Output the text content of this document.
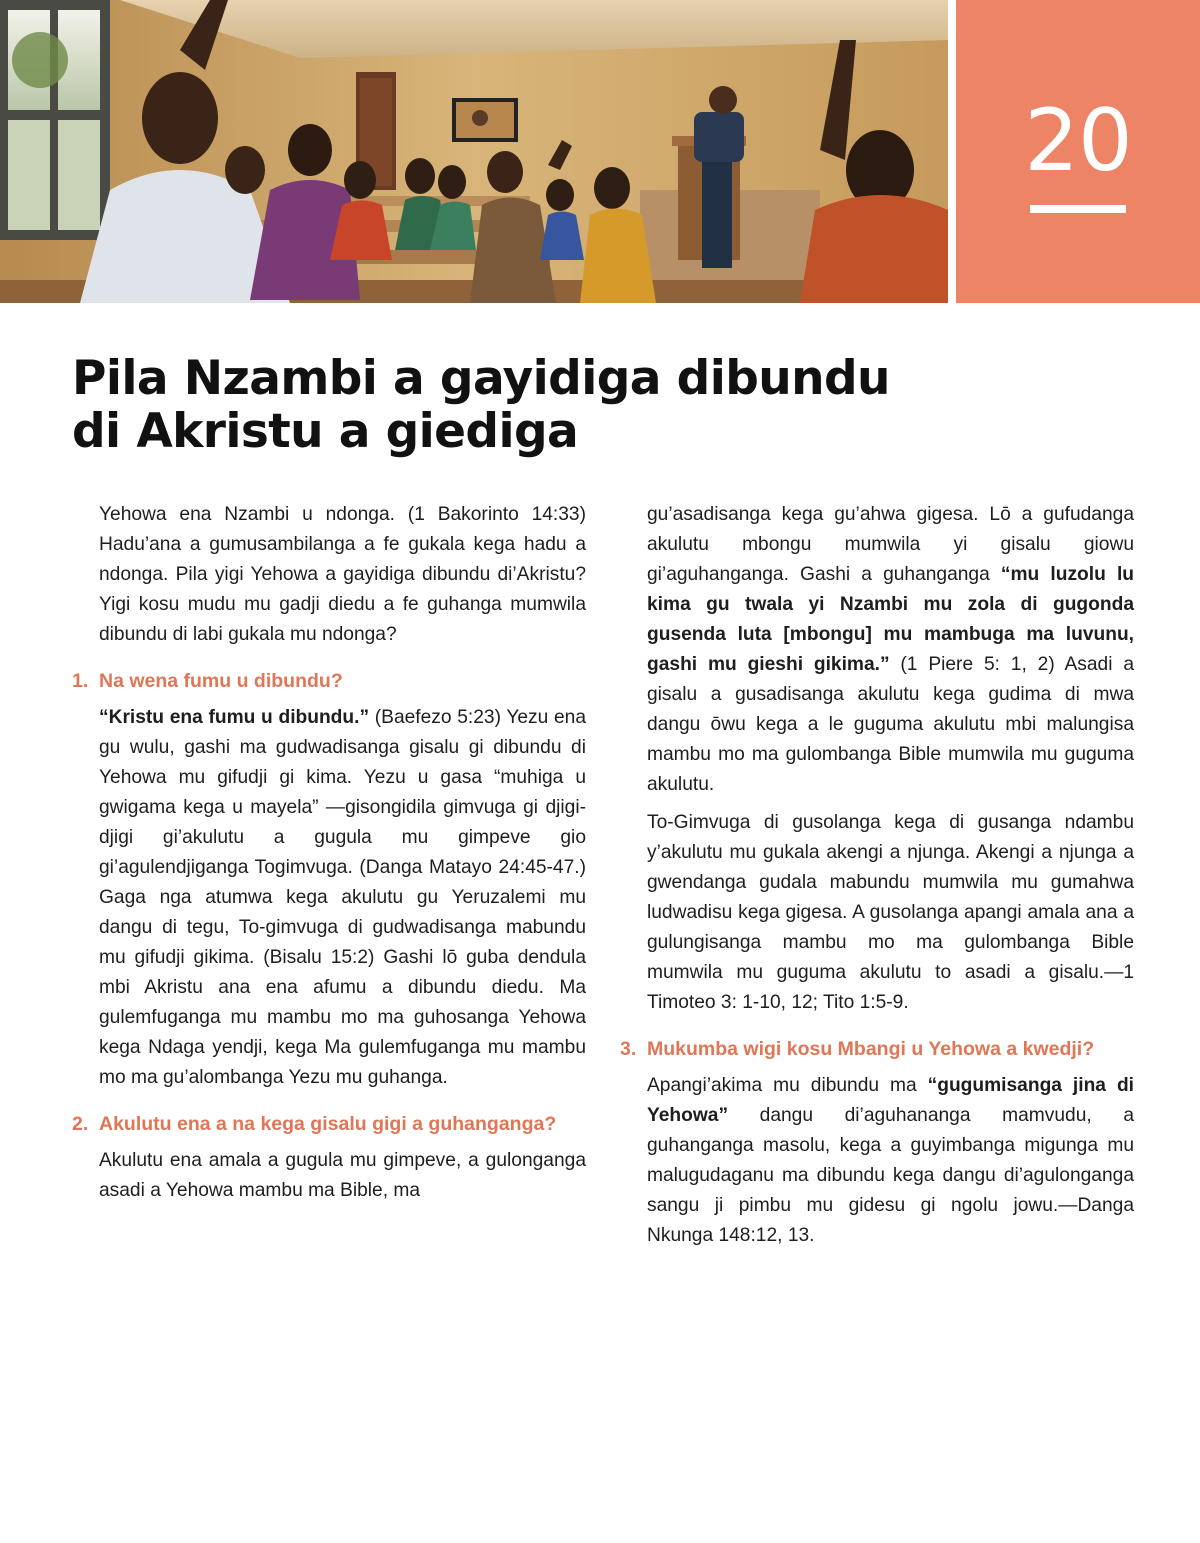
20
Pila Nzambi a gayidiga dibundu
di Akristu a giediga

Yehowa ena Nzambi u ndonga. (1 Bakorinto 14:33) Hadu’ana a gumusambilanga a fe gukala kega hadu a ndonga. Pila yigi Yehowa a gayidiga dibundu di’Akristu? Yigi kosu mudu mu gadji diedu a fe guhanga mumwila dibundu di labi gukala mu ndonga?

1. Na wena fumu u dibundu?

“Kristu ena fumu u dibundu.” (Baefezo 5:23) Yezu ena gu wulu, gashi ma gudwadisanga gisalu gi dibundu di Yehowa mu gifudji gi kima. Yezu u gasa “muhiga u gwigama kega u mayela” —gisongidila gimvuga gi djigi-djigi gi’akulutu a gugula mu gimpeve gio gi’agulendjiganga Togimvuga. (Danga Matayo 24:45-47.) Gaga nga atumwa kega akulutu gu Yeruzalemi mu dangu di tegu, To-gimvuga di gudwadisanga mabundu mu gifudji gikima. (Bisalu 15:2) Gashi lō guba dendula mbi Akristu ana ena afumu a dibundu diedu. Ma gulemfuganga mu mambu mo ma guhosanga Yehowa kega Ndaga yendji, kega Ma gulemfuganga mu mambu mo ma gu’alombanga Yezu mu guhanga.

2. Akulutu ena a na kega gisalu gigi a guhanganga?

Akulutu ena amala a gugula mu gimpeve, a gulonganga asadi a Yehowa mambu ma Bible, ma

gu’asadisanga kega gu’ahwa gigesa. Lō a gufudanga akulutu mbongu mumwila yi gisalu giowu gi’aguhanganga. Gashi a guhanganga “mu luzolu lu kima gu twala yi Nzambi mu zola di gugonda gusenda luta [mbongu] mu mambuga ma luvunu, gashi mu gieshi gikima.” (1 Piere 5: 1, 2) Asadi a gisalu a gusadisanga akulutu kega gudima di mwa dangu ōwu kega a le guguma akulutu mbi malungisa mambu mo ma gulombanga Bible mumwila mu guguma akulutu.

To-Gimvuga di gusolanga kega di gusanga ndambu y’akulutu mu gukala akengi a njunga. Akengi a njunga a gwendanga gudala mabundu mumwila mu gumahwa ludwadisu kega gigesa. A gusolanga apangi amala ana a gulungisanga mambu mo ma gulombanga Bible mumwila mu guguma akulutu to asadi a gisalu.—1 Timoteo 3: 1-10, 12; Tito 1:5-9.

3. Mukumba wigi kosu Mbangi u Yehowa a kwedji?

Apangi’akima mu dibundu ma “gugumisanga jina di Yehowa” dangu di’aguhananga mamvudu, a guhanganga masolu, kega a guyimbanga migunga mu malugudaganu ma dibundu kega dangu di’agulonganga sangu ji pimbu mu gidesu gi ngolu jowu.—Danga Nkunga 148:12, 13.
